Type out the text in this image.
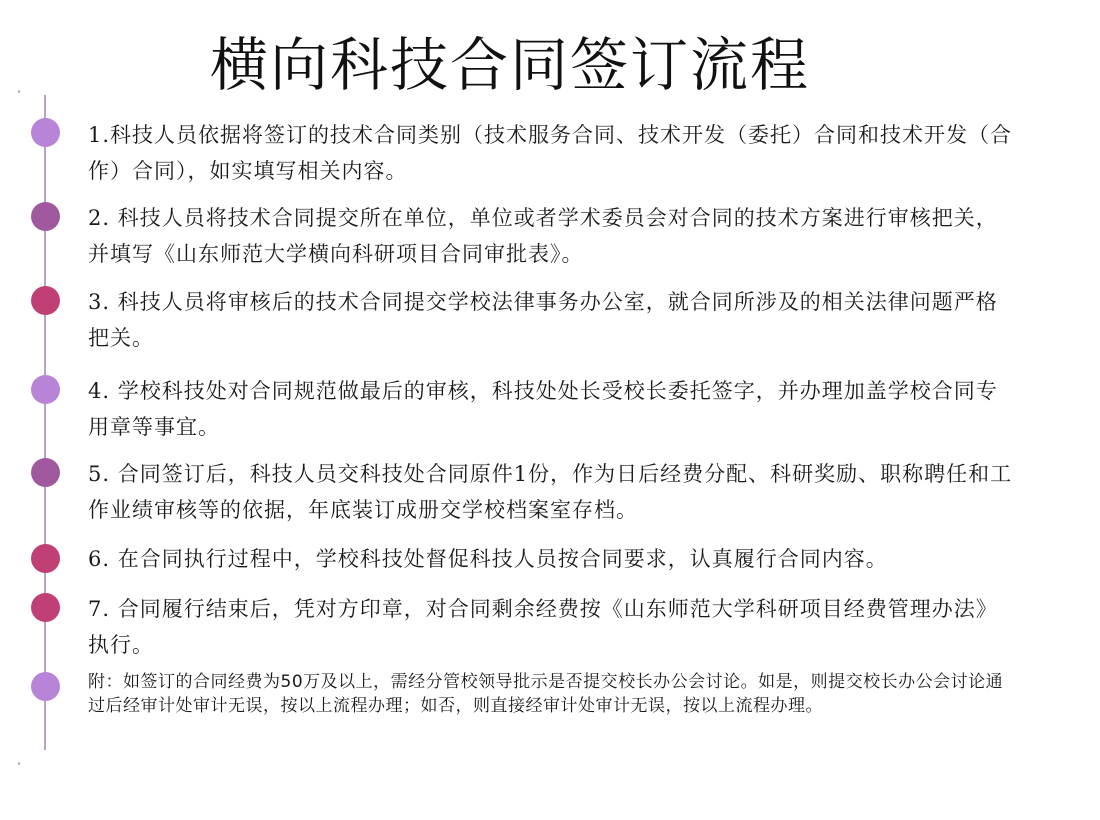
横向科技合同签订流程
1.科技人员依据将签订的技术合同类别（技术服务合同、技术开发（委托）合同和技术开发（合作）合同），如实填写相关内容。
2. 科技人员将技术合同提交所在单位，单位或者学术委员会对合同的技术方案进行审核把关，并填写《山东师范大学横向科研项目合同审批表》。
3. 科技人员将审核后的技术合同提交学校法律事务办公室，就合同所涉及的相关法律问题严格把关。
4. 学校科技处对合同规范做最后的审核，科技处处长受校长委托签字，并办理加盖学校合同专用章等事宜。
5. 合同签订后，科技人员交科技处合同原件1份，作为日后经费分配、科研奖励、职称聘任和工作业绩审核等的依据，年底装订成册交学校档案室存档。
6. 在合同执行过程中，学校科技处督促科技人员按合同要求，认真履行合同内容。
7. 合同履行结束后，凭对方印章，对合同剩余经费按《山东师范大学科研项目经费管理办法》执行。
附：如签订的合同经费为50万及以上，需经分管校领导批示是否提交校长办公会讨论。如是，则提交校长办公会讨论通过后经审计处审计无误，按以上流程办理；如否，则直接经审计处审计无误，按以上流程办理。
